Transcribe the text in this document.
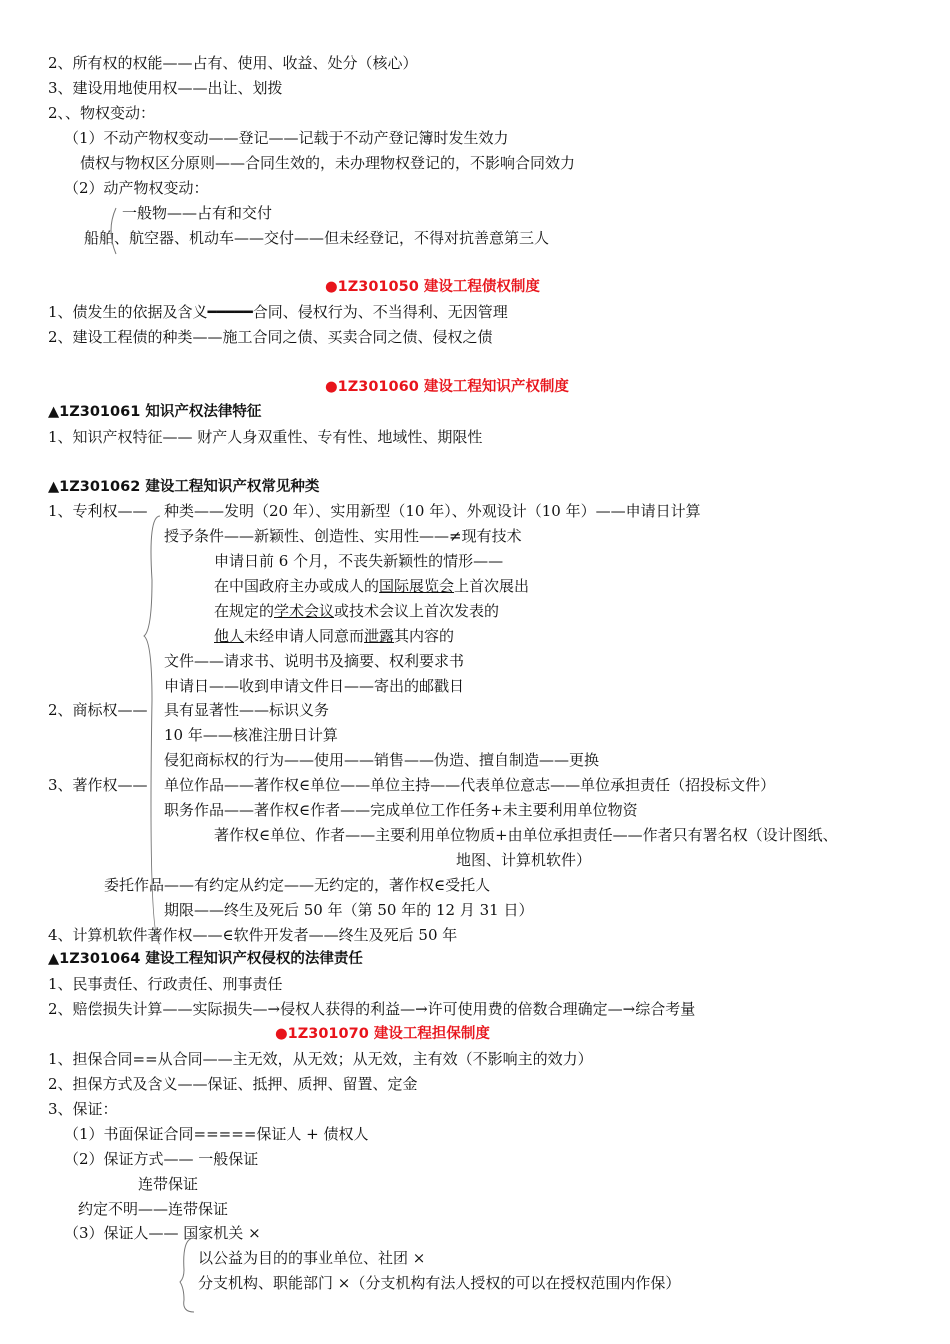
2、所有权的权能——占有、使用、收益、处分（核心）
3、建设用地使用权——出让、划拨
2、、物权变动：
（1）不动产物权变动——登记——记载于不动产登记簿时发生效力
债权与物权区分原则——合同生效的，未办理物权登记的，不影响合同效力
（2）动产物权变动：
一般物——占有和交付
船舶、航空器、机动车——交付——但未经登记，不得对抗善意第三人
●1Z301050 建设工程债权制度
1、债发生的依据及含义━━━━━合同、侵权行为、不当得利、无因管理
2、建设工程债的种类——施工合同之债、买卖合同之债、侵权之债
●1Z301060 建设工程知识产权制度
▲1Z301061 知识产权法律特征
1、知识产权特征—— 财产人身双重性、专有性、地域性、期限性
▲1Z301062 建设工程知识产权常见种类
1、专利权—— 种类——发明（20 年）、实用新型（10 年）、外观设计（10 年）——申请日计算
授予条件——新颖性、创造性、实用性——≠现有技术
申请日前 6 个月，不丧失新颖性的情形——
在中国政府主办或成人的国际展览会上首次展出
在规定的学术会议或技术会议上首次发表的
他人未经申请人同意而泄露其内容的
文件——请求书、说明书及摘要、权利要求书
申请日——收到申请文件日——寄出的邮戳日
2、商标权—— 具有显著性——标识义务
10 年——核准注册日计算
侵犯商标权的行为——使用——销售——伪造、擅自制造——更换
3、著作权—— 单位作品——著作权∈单位——单位主持——代表单位意志——单位承担责任（招投标文件）
职务作品——著作权∈作者——完成单位工作任务+未主要利用单位物资
著作权∈单位、作者——主要利用单位物质+由单位承担责任——作者只有署名权（设计图纸、
地图、计算机软件）
委托作品——有约定从约定——无约定的，著作权∈受托人
期限——终生及死后 50 年（第 50 年的 12 月 31 日）
4、计算机软件著作权——∈软件开发者——终生及死后 50 年
▲1Z301064 建设工程知识产权侵权的法律责任
1、民事责任、行政责任、刑事责任
2、赔偿损失计算——实际损失—→侵权人获得的利益—→许可使用费的倍数合理确定—→综合考量
●1Z301070 建设工程担保制度
1、担保合同==从合同——主无效，从无效；从无效，主有效（不影响主的效力）
2、担保方式及含义——保证、抵押、质押、留置、定金
3、保证：
（1）书面保证合同=====保证人 + 债权人
（2）保证方式—— 一般保证
连带保证
约定不明——连带保证
（3）保证人—— 国家机关 ×
以公益为目的的事业单位、社团 ×
分支机构、职能部门 ×（分支机构有法人授权的可以在授权范围内作保）
